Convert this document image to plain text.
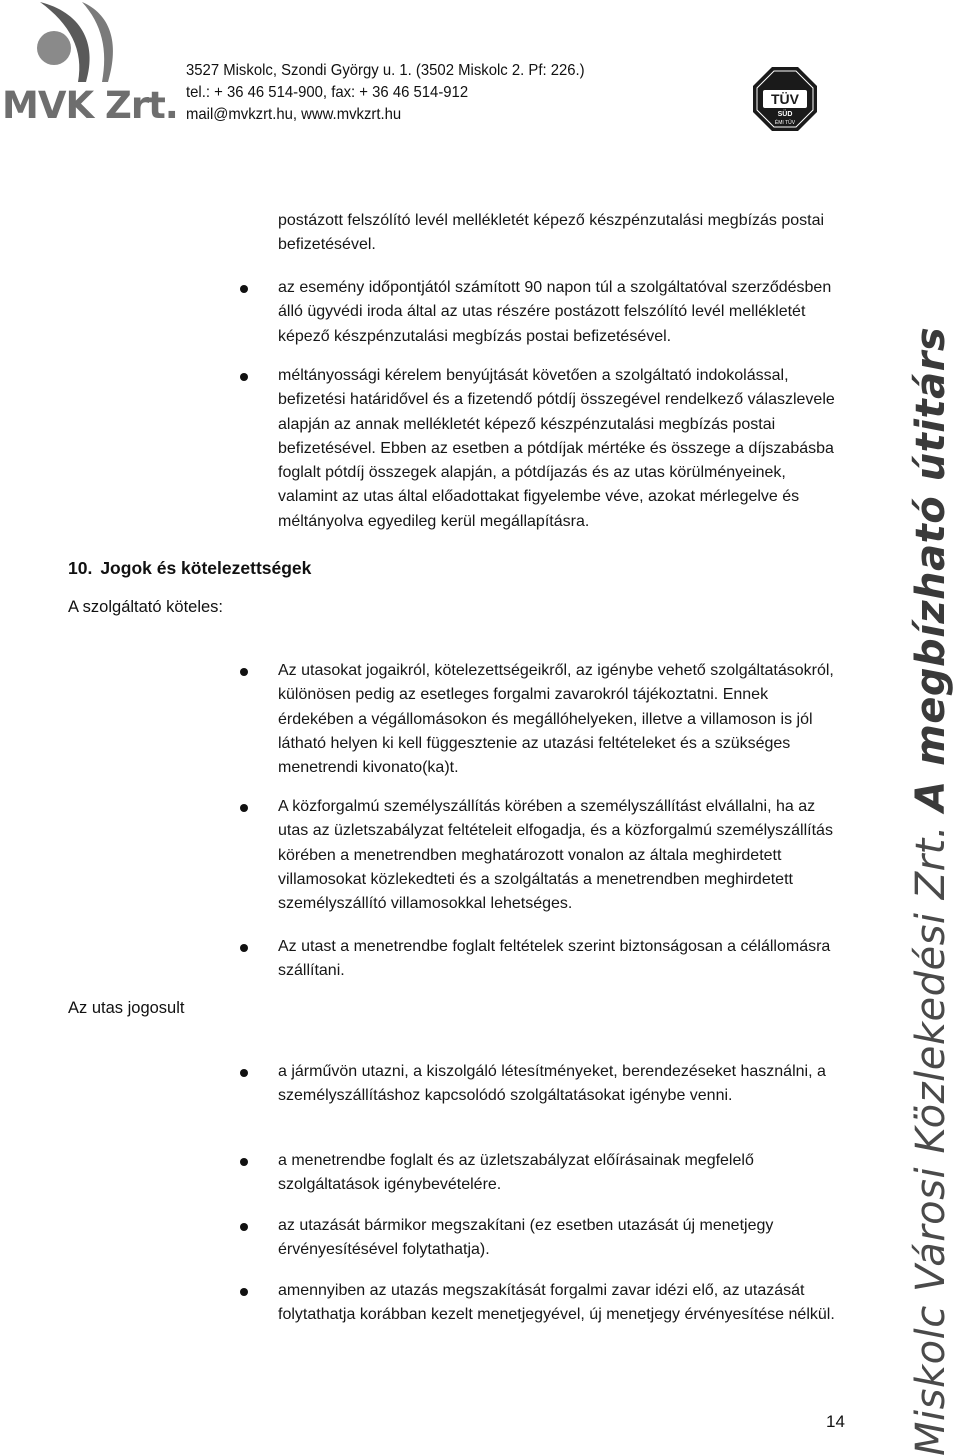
MVK Zrt.
3527 Miskolc, Szondi György u. 1. (3502 Miskolc 2. Pf: 226.)
tel.: + 36 46 514-900, fax: + 36 46 514-912
mail@mvkzrt.hu, www.mvkzrt.hu
TÜV
SÜD
ÉMI TÜV
postázott felszólító levél mellékletét képező készpénzutalási megbízás postai befizetésével.
az esemény időpontjától számított 90 napon túl a szolgáltatóval szerződésben álló ügyvédi iroda által az utas részére postázott felszólító levél mellékletét képező készpénzutalási megbízás postai befizetésével.
méltányossági kérelem benyújtását követően a szolgáltató indokolással, befizetési határidővel és a fizetendő pótdíj összegével rendelkező válaszlevele alapján az annak mellékletét képező készpénzutalási megbízás postai befizetésével. Ebben az esetben a pótdíjak mértéke és összege a díjszabásba foglalt pótdíj összegek alapján, a pótdíjazás és az utas körülményeinek, valamint az utas által előadottakat figyelembe véve, azokat mérlegelve és méltányolva egyedileg kerül megállapításra.
10. Jogok és kötelezettségek
A szolgáltató köteles:
Az utasokat jogaikról, kötelezettségeikről, az igénybe vehető szolgáltatásokról, különösen pedig az esetleges forgalmi zavarokról tájékoztatni. Ennek érdekében a végállomásokon és megállóhelyeken, illetve a villamoson is jól látható helyen ki kell függesztenie az utazási feltételeket és a szükséges menetrendi kivonato(ka)t.
A közforgalmú személyszállítás körében a személyszállítást elvállalni, ha az utas az üzletszabályzat feltételeit elfogadja, és a közforgalmú személyszállítás körében a menetrendben meghatározott vonalon az általa meghirdetett villamosokat közlekedteti és a szolgáltatás a menetrendben meghirdetett személyszállító villamosokkal lehetséges.
Az utast a menetrendbe foglalt feltételek szerint biztonságosan a célállomásra szállítani.
Az utas jogosult
a járművön utazni, a kiszolgáló létesítményeket, berendezéseket használni, a személyszállításhoz kapcsolódó szolgáltatásokat igénybe venni.
a menetrendbe foglalt és az üzletszabályzat előírásainak megfelelő szolgáltatások igénybevételére.
az utazását bármikor megszakítani (ez esetben utazását új menetjegy érvényesítésével folytathatja).
amennyiben az utazás megszakítását forgalmi zavar idézi elő, az utazását folytathatja korábban kezelt menetjegyével, új menetjegy érvényesítése nélkül.	Miskolc Városi Közlekedési Zrt. A megbízható útitárs
14
